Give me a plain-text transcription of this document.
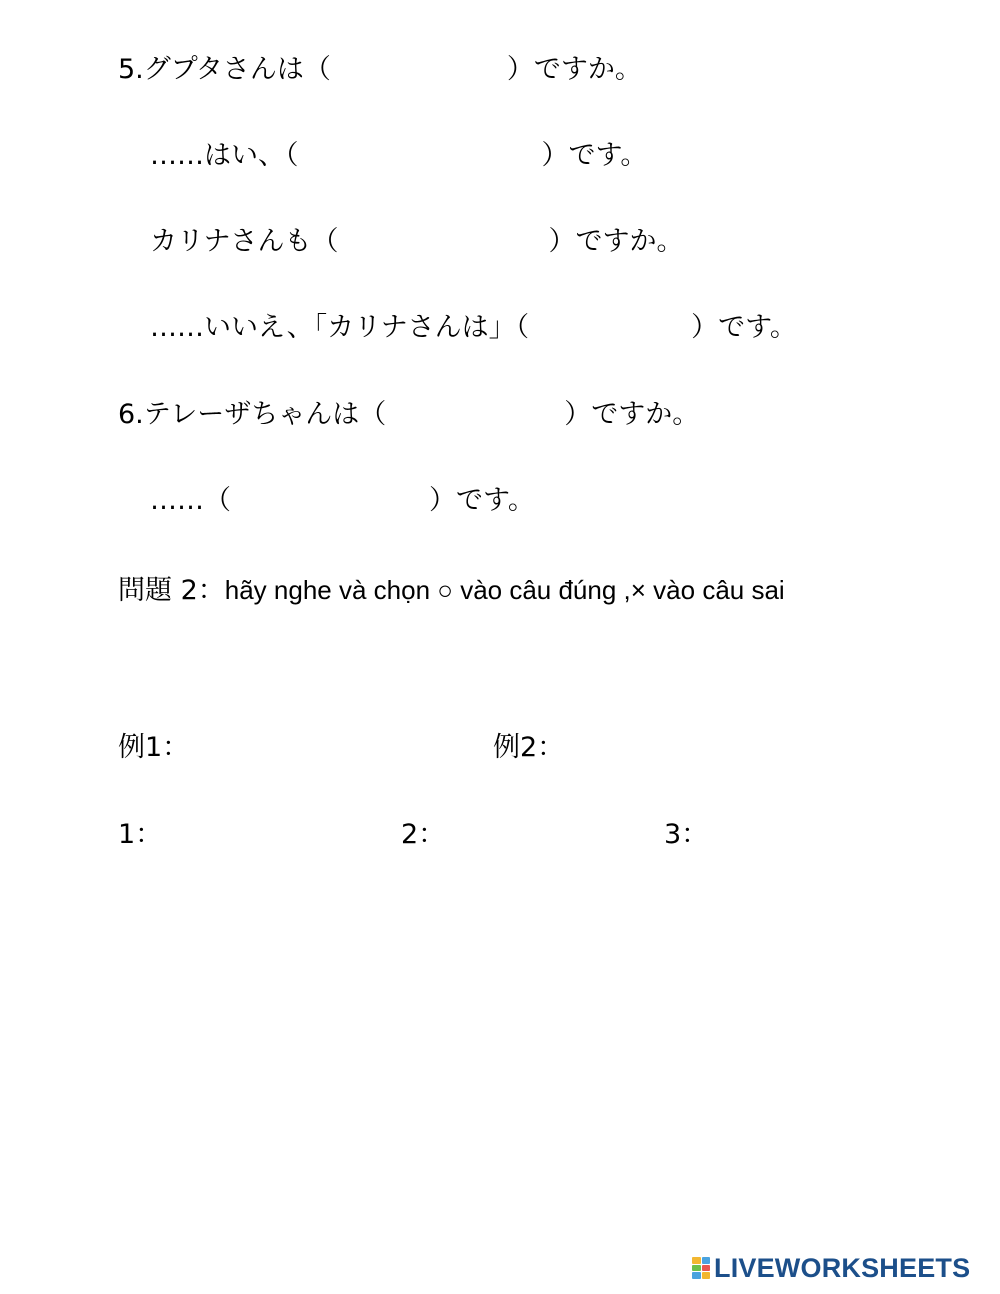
5.グプタさんは（	）ですか。
……はい、（	）です。
カリナさんも（	）ですか。
……いいえ、「カリナさんは」（	）です。
6.テレーザちゃんは（	）ですか。
……（	）です。
問題 2：hãy nghe và chọn ○ vào câu đúng ,× vào câu sai
例1：	例2：
1：	2：	3：
LIVEWORKSHEETS
